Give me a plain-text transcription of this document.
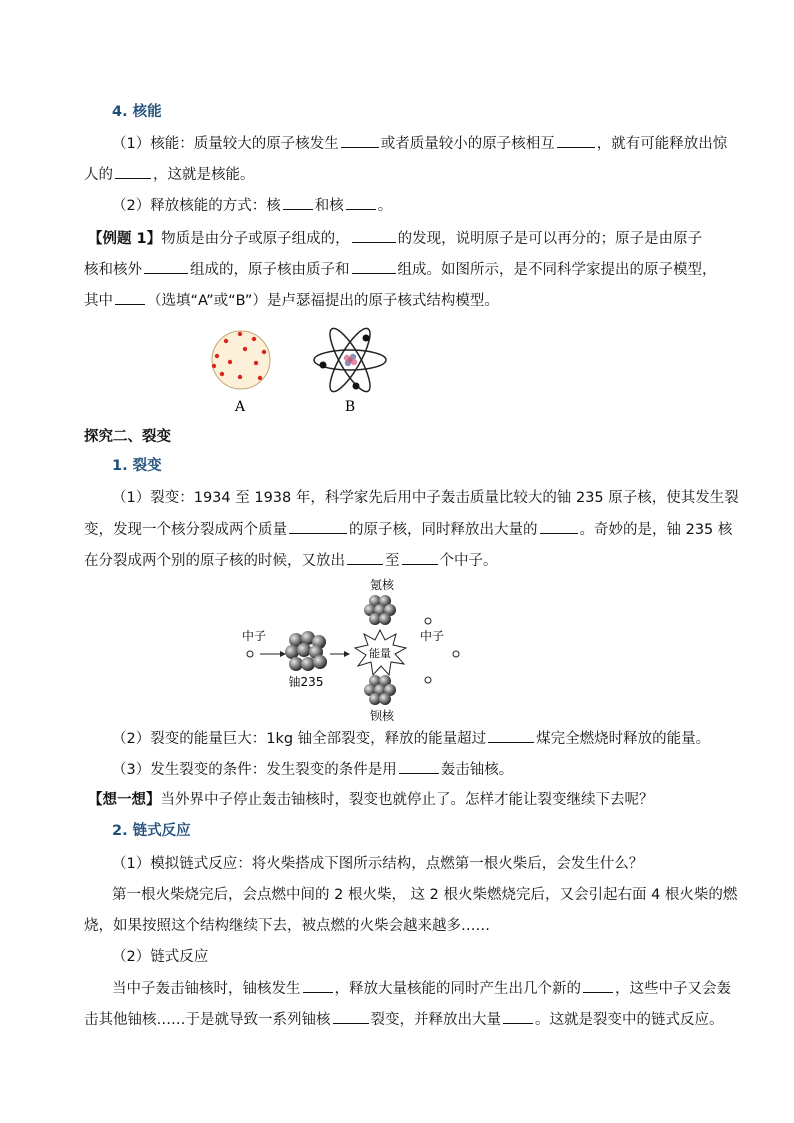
4. 核能
（1）核能：质量较大的原子核发生	或者质量较小的原子核相互	，就有可能释放出惊
人的	，这就是核能。
（2）释放核能的方式：核 和核 。
【例题 1】物质是由分子或原子组成的，	的发现，说明原子是可以再分的；原子是由原子
核和核外	组成的，原子核由质子和	组成。如图所示，是不同科学家提出的原子模型，
其中 （选填“A”或“B”）是卢瑟福提出的原子核式结构模型。
A	B
探究二、裂变
1. 裂变
（1）裂变：1934 至 1938 年，科学家先后用中子轰击质量比较大的铀 235 原子核，使其发生裂
变，发现一个核分裂成两个质量	的原子核，同时释放出大量的	。奇妙的是，铀 235 核
在分裂成两个别的原子核的时候，又放出	至	个中子。
氪核
中子
铀235
能量
中子
钡核
（2）裂变的能量巨大：1kg 铀全部裂变，释放的能量超过	煤完全燃烧时释放的能量。
（3）发生裂变的条件：发生裂变的条件是用	轰击铀核。
【想一想】当外界中子停止轰击铀核时，裂变也就停止了。怎样才能让裂变继续下去呢？
2. 链式反应
（1）模拟链式反应：将火柴搭成下图所示结构，点燃第一根火柴后，会发生什么？
第一根火柴烧完后，会点燃中间的 2 根火柴， 这 2 根火柴燃烧完后，又会引起右面 4 根火柴的燃
烧，如果按照这个结构继续下去，被点燃的火柴会越来越多……
（2）链式反应
当中子轰击铀核时，铀核发生 ，释放大量核能的同时产生出几个新的 ，这些中子又会轰
击其他铀核……于是就导致一系列铀核	裂变，并释放出大量 。这就是裂变中的链式反应。
